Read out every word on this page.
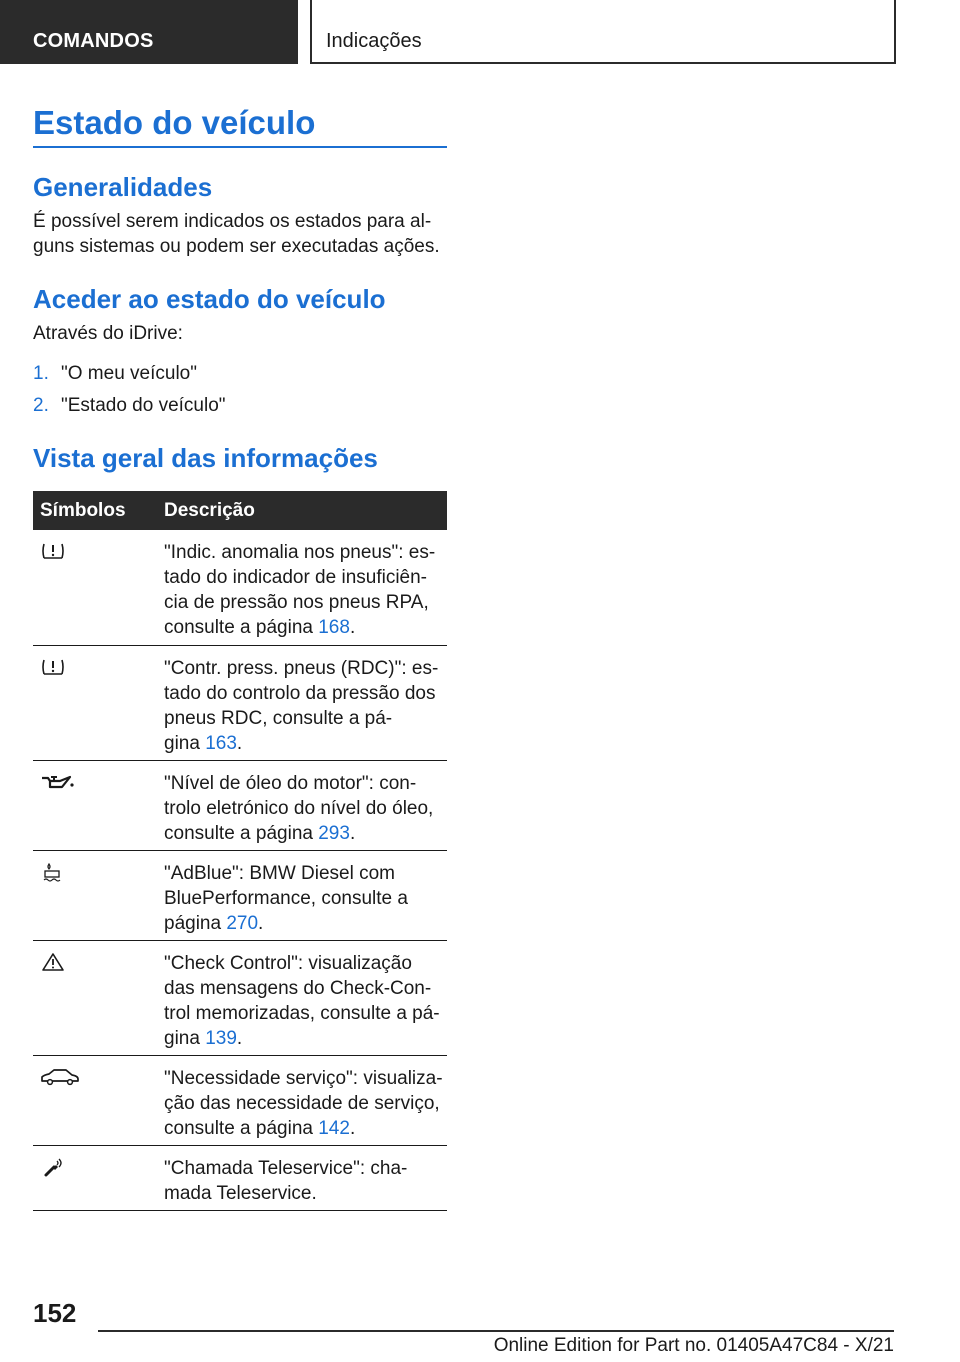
COMANDOS	Indicações
Estado do veículo
Generalidades
É possível serem indicados os estados para al-
guns sistemas ou podem ser executadas ações.
Aceder ao estado do veículo
Através do iDrive:
1. "O meu veículo"
2. "Estado do veículo"
Vista geral das informações
Símbolos Descrição
"Indic. anomalia nos pneus": es-
tado do indicador de insuficiên-
cia de pressão nos pneus RPA,
consulte a página 168.
"Contr. press. pneus (RDC)": es-
tado do controlo da pressão dos
pneus RDC, consulte a pá-
gina 163.
"Nível de óleo do motor": con-
trolo eletrónico do nível do óleo,
consulte a página 293.
"AdBlue": BMW Diesel com
BluePerformance, consulte a
página 270.
"Check Control": visualização
das mensagens do Check-Con-
trol memorizadas, consulte a pá-
gina 139.
"Necessidade serviço": visualiza-
ção das necessidade de serviço,
consulte a página 142.
"Chamada Teleservice": cha-
mada Teleservice.
152
Online Edition for Part no. 01405A47C84 - X/21
